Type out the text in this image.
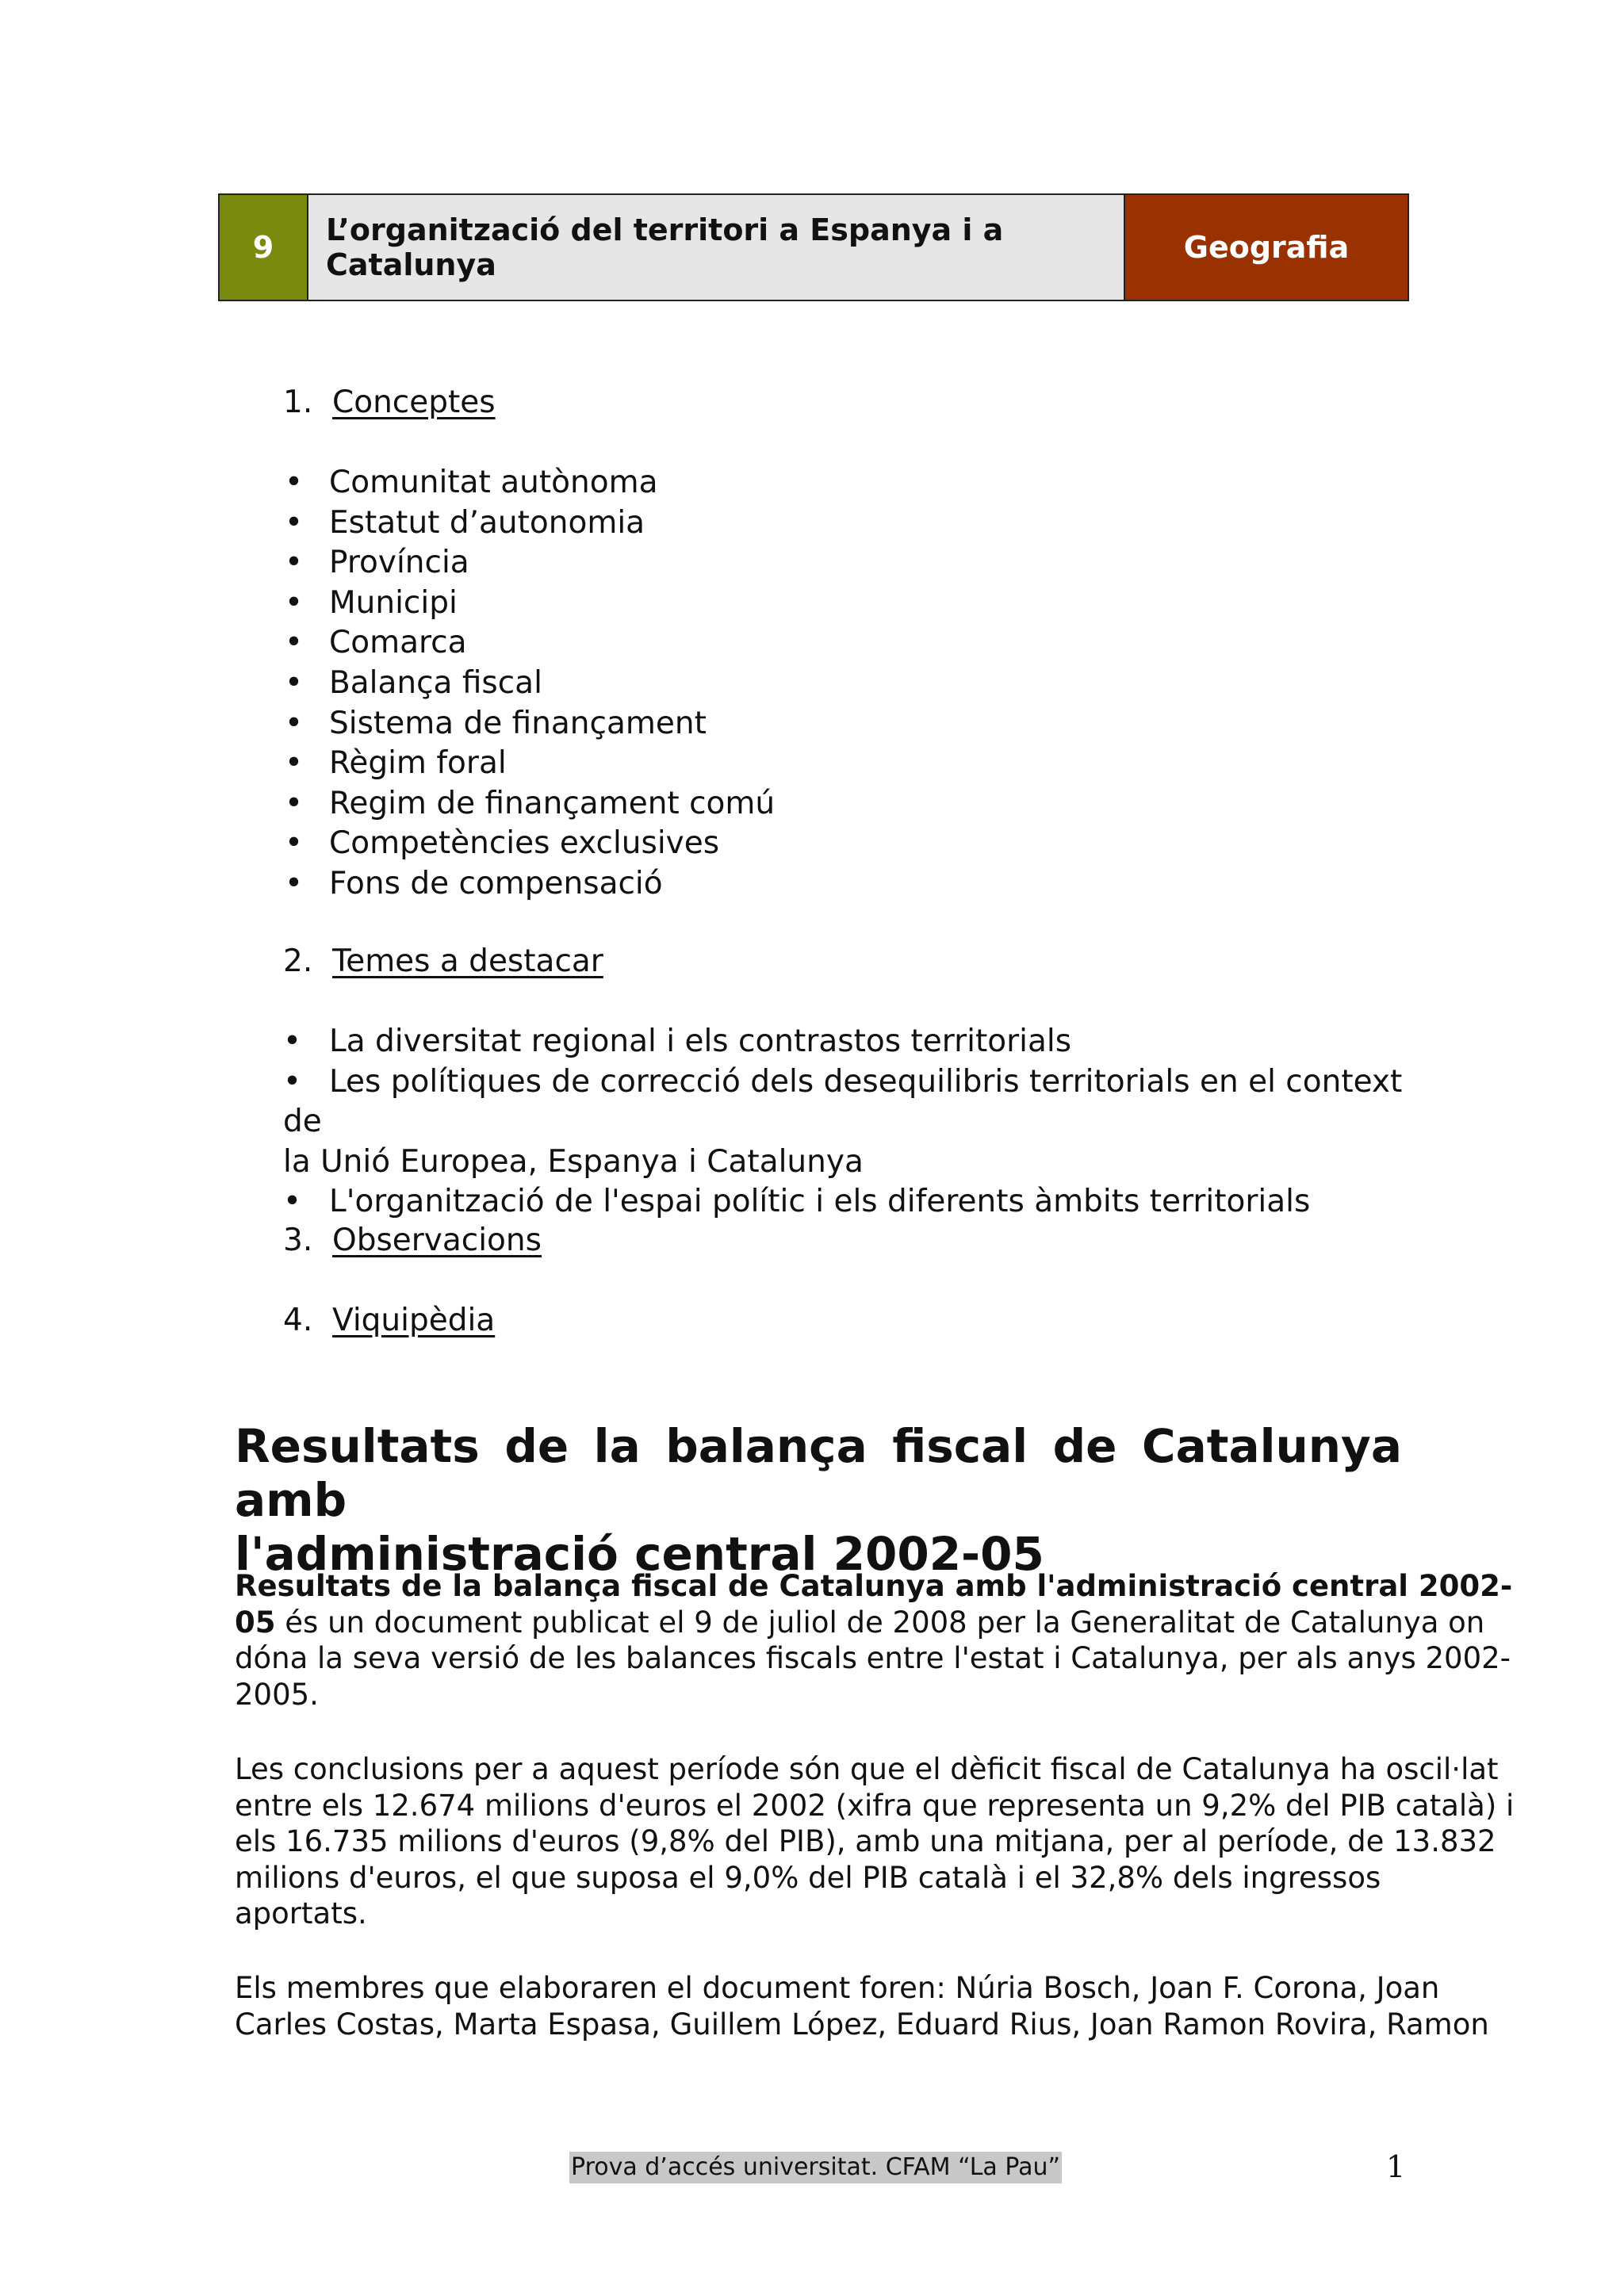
9	L’organització del territori a Espanya i a Catalunya	Geografia
1. Conceptes
• Comunitat autònoma
• Estatut d’autonomia
• Província
• Municipi
• Comarca
• Balança fiscal
• Sistema de finançament
• Règim foral
• Regim de finançament comú
• Competències exclusives
• Fons de compensació
2. Temes a destacar
• La diversitat regional i els contrastos territorials
• Les polítiques de correcció dels desequilibris territorials en el context de
la Unió Europea, Espanya i Catalunya
• L'organització de l'espai polític i els diferents àmbits territorials
3. Observacions
4. Viquipèdia
Resultats de la balança fiscal de Catalunya amb
l'administració central 2002-05
Resultats de la balança fiscal de Catalunya amb l'administració central 2002-
05 és un document publicat el 9 de juliol de 2008 per la Generalitat de Catalunya on
dóna la seva versió de les balances fiscals entre l'estat i Catalunya, per als anys 2002-
2005.
Les conclusions per a aquest període són que el dèficit fiscal de Catalunya ha oscil·lat
entre els 12.674 milions d'euros el 2002 (xifra que representa un 9,2% del PIB català) i
els 16.735 milions d'euros (9,8% del PIB), amb una mitjana, per al període, de 13.832
milions d'euros, el que suposa el 9,0% del PIB català i el 32,8% dels ingressos
aportats.
Els membres que elaboraren el document foren: Núria Bosch, Joan F. Corona, Joan
Carles Costas, Marta Espasa, Guillem López, Eduard Rius, Joan Ramon Rovira, Ramon
Prova d’accés universitat. CFAM “La Pau”	1
